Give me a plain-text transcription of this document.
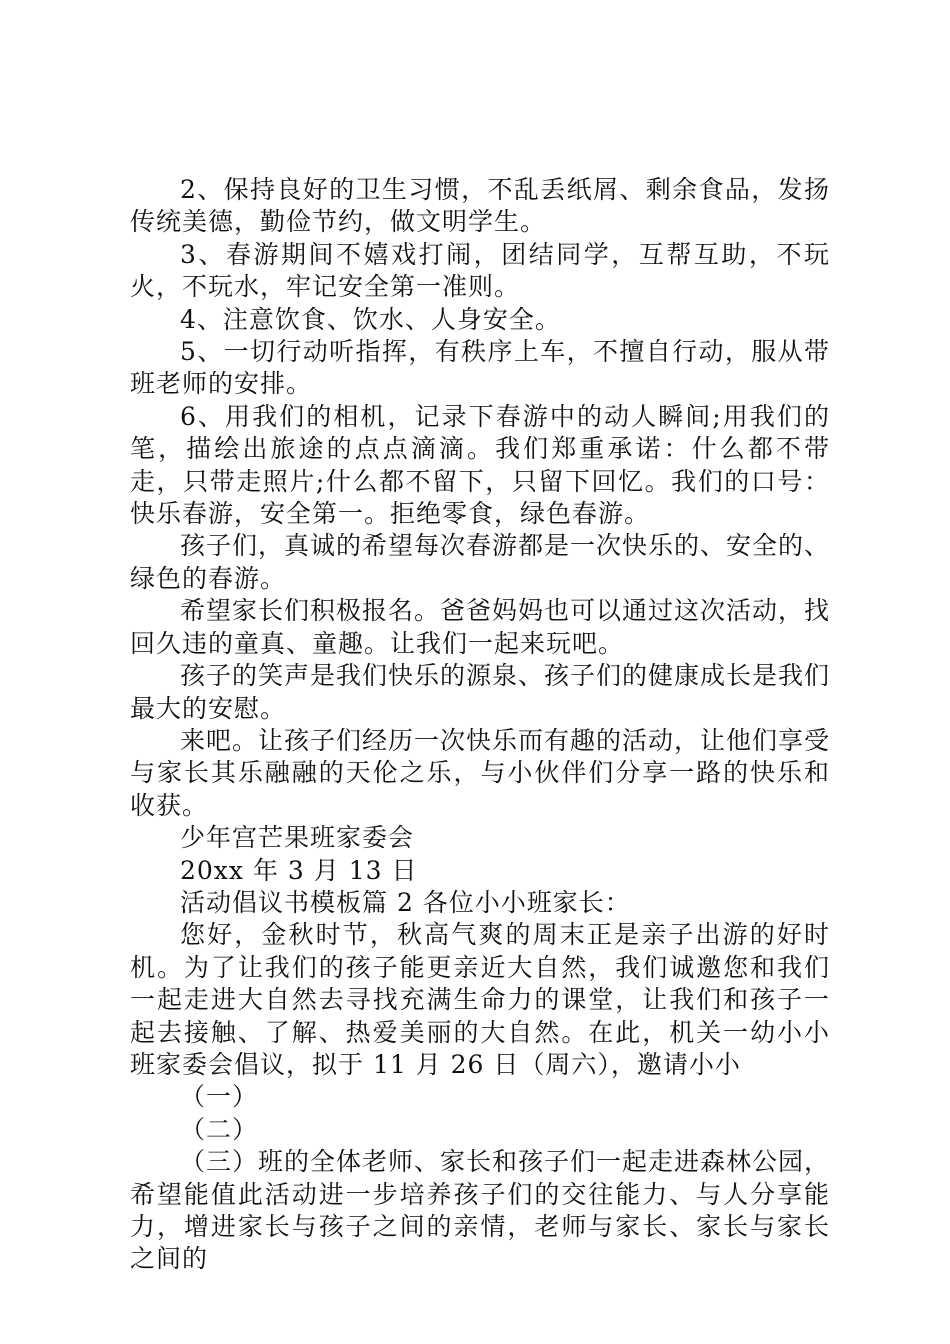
2、保持良好的卫生习惯，不乱丢纸屑、剩余食品，发扬传统美德，勤俭节约，做文明学生。

3、春游期间不嬉戏打闹，团结同学，互帮互助，不玩火，不玩水，牢记安全第一准则。

4、注意饮食、饮水、人身安全。

5、一切行动听指挥，有秩序上车，不擅自行动，服从带班老师的安排。

6、用我们的相机，记录下春游中的动人瞬间;用我们的笔，描绘出旅途的点点滴滴。我们郑重承诺：什么都不带走，只带走照片;什么都不留下，只留下回忆。我们的口号：快乐春游，安全第一。拒绝零食，绿色春游。

孩子们，真诚的希望每次春游都是一次快乐的、安全的、绿色的春游。

希望家长们积极报名。爸爸妈妈也可以通过这次活动，找回久违的童真、童趣。让我们一起来玩吧。

孩子的笑声是我们快乐的源泉、孩子们的健康成长是我们最大的安慰。

来吧。让孩子们经历一次快乐而有趣的活动，让他们享受与家长其乐融融的天伦之乐，与小伙伴们分享一路的快乐和收获。

少年宫芒果班家委会

20xx 年 3 月 13 日

活动倡议书模板篇 2 各位小小班家长：

您好，金秋时节，秋高气爽的周末正是亲子出游的好时机。为了让我们的孩子能更亲近大自然，我们诚邀您和我们一起走进大自然去寻找充满生命力的课堂，让我们和孩子一起去接触、了解、热爱美丽的大自然。在此，机关一幼小小班家委会倡议，拟于 11 月 26 日（周六），邀请小小

（一）

（二）

（三）班的全体老师、家长和孩子们一起走进森林公园，希望能值此活动进一步培养孩子们的交往能力、与人分享能力，增进家长与孩子之间的亲情，老师与家长、家长与家长之间的
